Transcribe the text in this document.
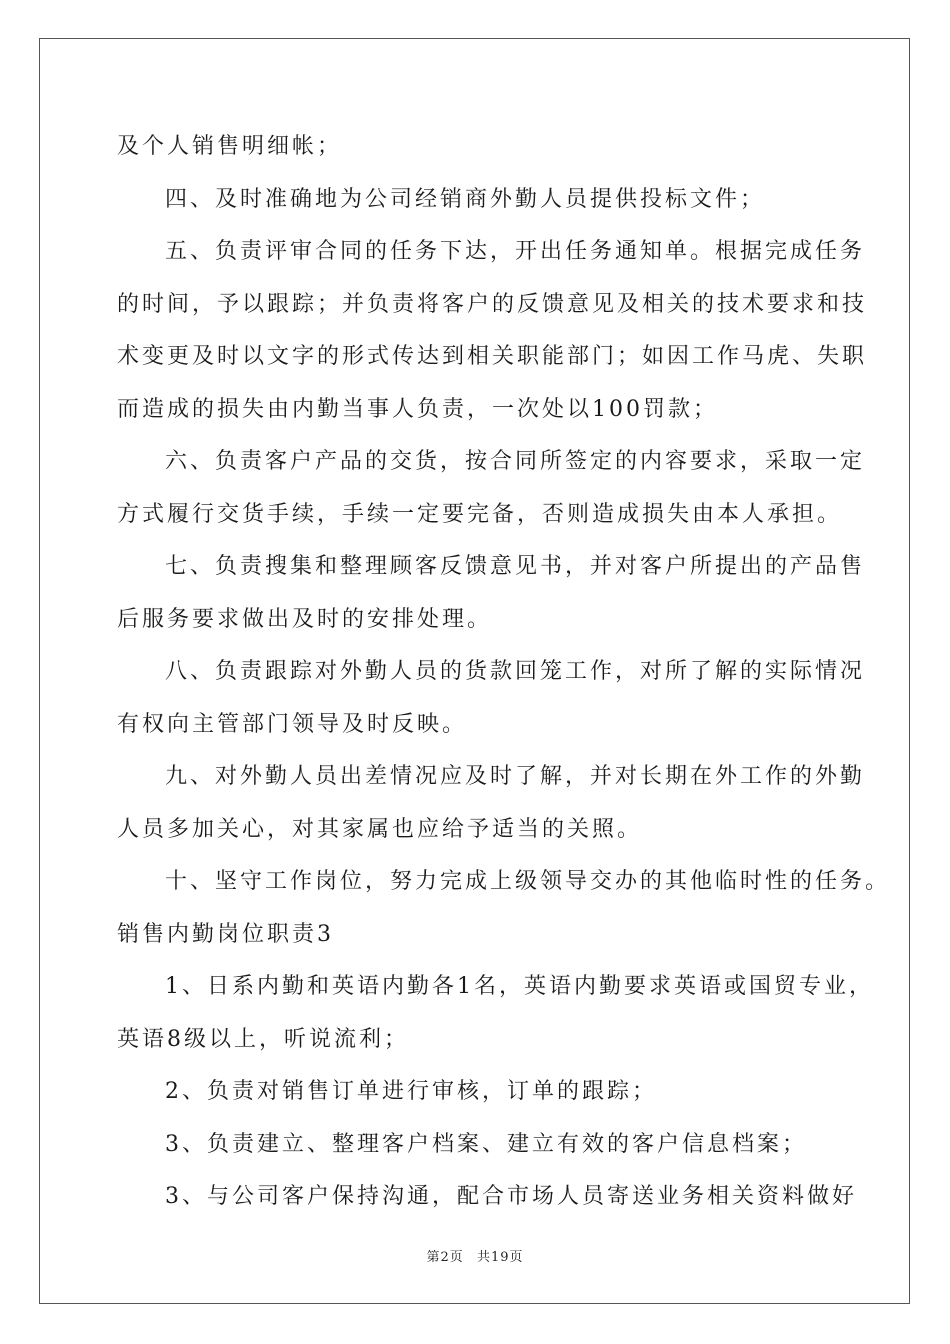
及个人销售明细帐；
四、及时准确地为公司经销商外勤人员提供投标文件；
五、负责评审合同的任务下达，开出任务通知单。根据完成任务
的时间，予以跟踪；并负责将客户的反馈意见及相关的技术要求和技
术变更及时以文字的形式传达到相关职能部门；如因工作马虎、失职
而造成的损失由内勤当事人负责，一次处以100罚款；
六、负责客户产品的交货，按合同所签定的内容要求，采取一定
方式履行交货手续，手续一定要完备，否则造成损失由本人承担。
七、负责搜集和整理顾客反馈意见书，并对客户所提出的产品售
后服务要求做出及时的安排处理。
八、负责跟踪对外勤人员的货款回笼工作，对所了解的实际情况
有权向主管部门领导及时反映。
九、对外勤人员出差情况应及时了解，并对长期在外工作的外勤
人员多加关心，对其家属也应给予适当的关照。
十、坚守工作岗位，努力完成上级领导交办的其他临时性的任务。
销售内勤岗位职责3
1、日系内勤和英语内勤各1名，英语内勤要求英语或国贸专业，
英语8级以上，听说流利；
2、负责对销售订单进行审核，订单的跟踪；
3、负责建立、整理客户档案、建立有效的客户信息档案；
3、与公司客户保持沟通，配合市场人员寄送业务相关资料做好
第2页 共19页
